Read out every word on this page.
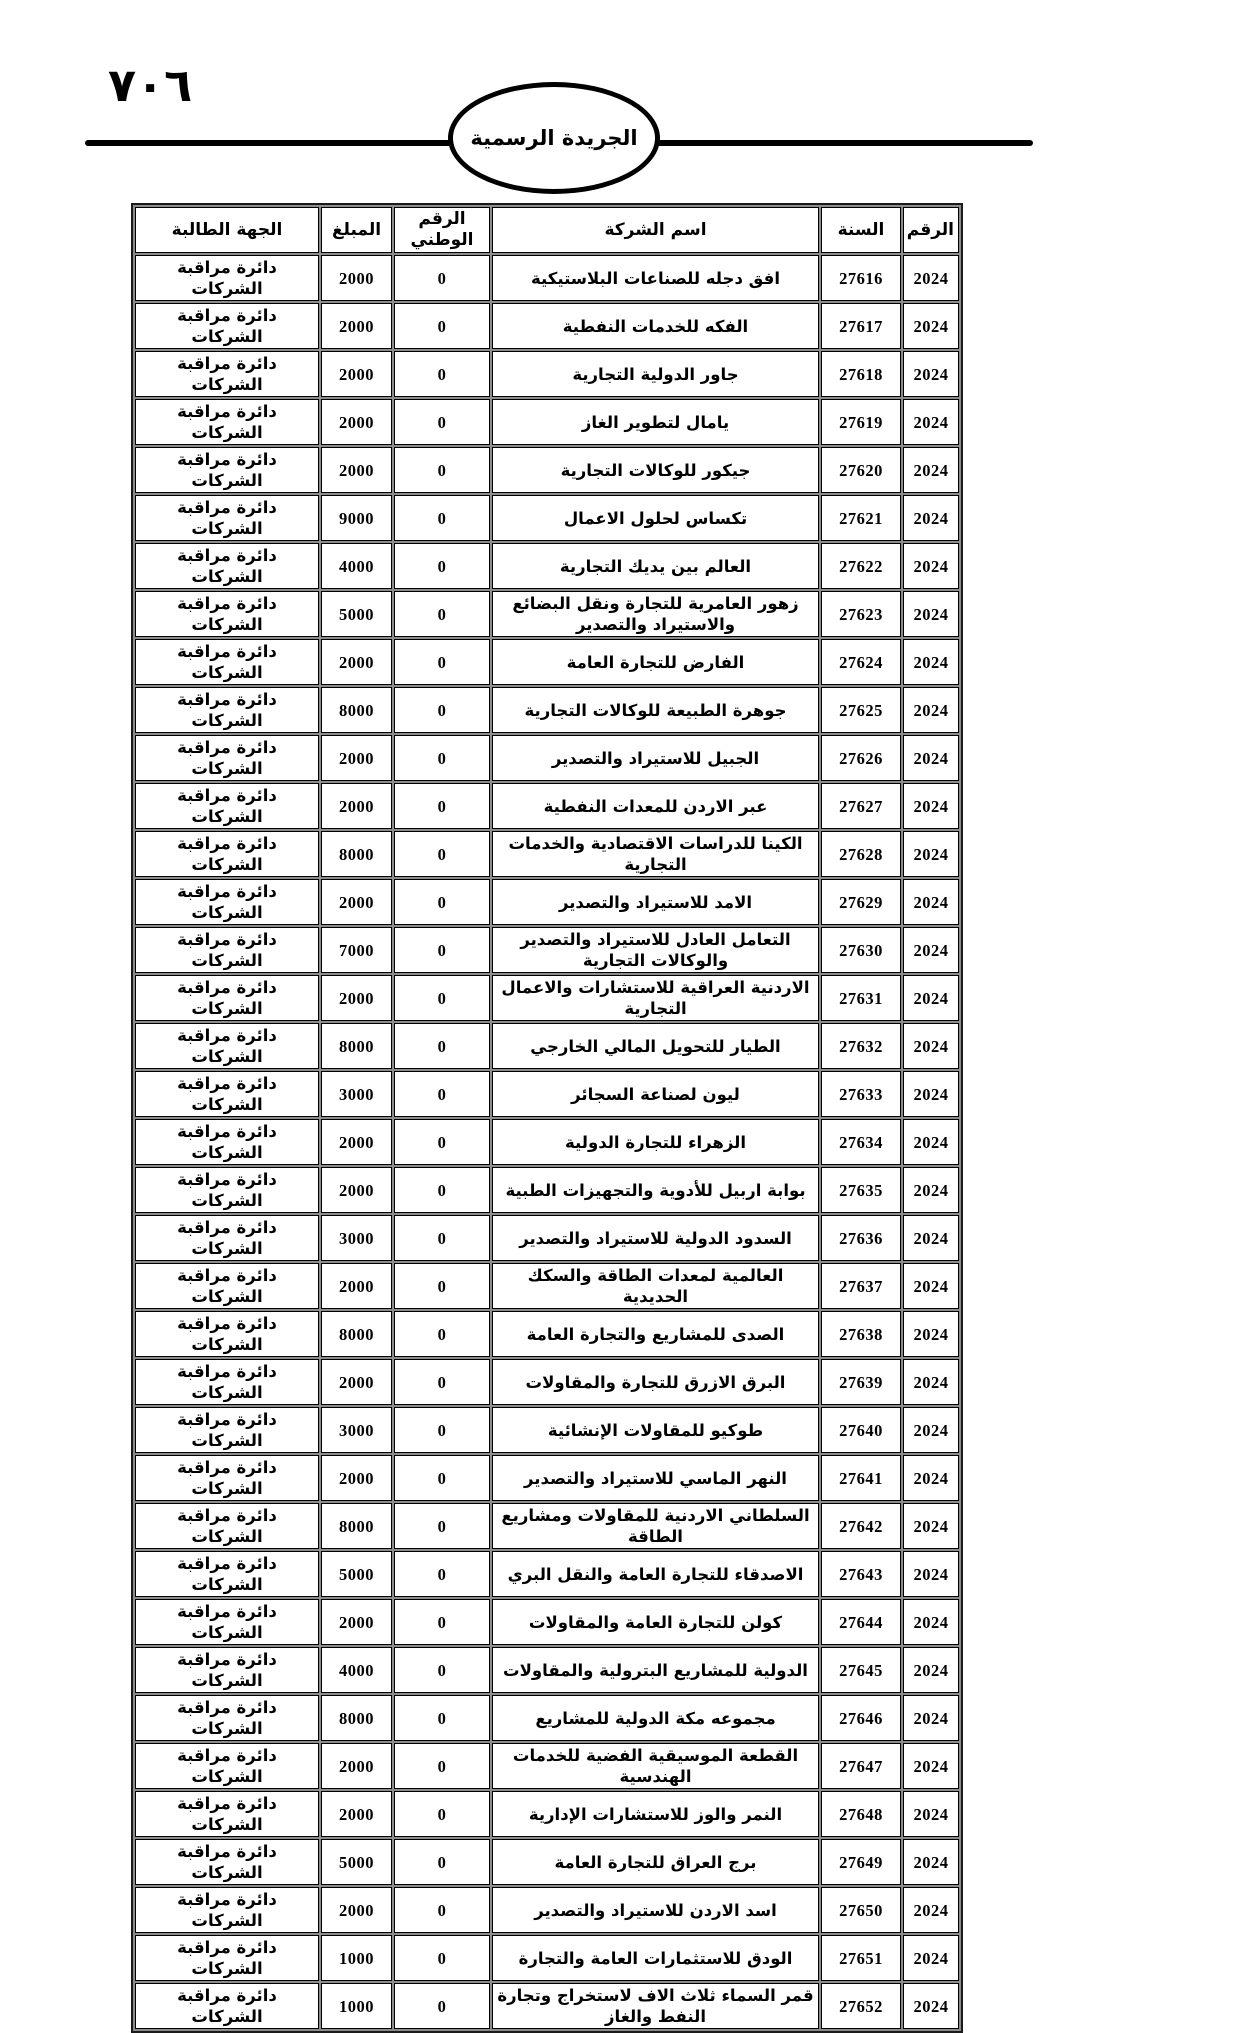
٧٠٦
الجريدة الرسمية
الرقم	السنة	اسم الشركة	الرقم الوطني	المبلغ	الجهة الطالبة
2024	27616	افق دجله للصناعات البلاستيكية	0	2000	دائرة مراقبة الشركات
2024	27617	الفكه للخدمات النفطية	0	2000	دائرة مراقبة الشركات
2024	27618	جاور الدولية التجارية	0	2000	دائرة مراقبة الشركات
2024	27619	يامال لتطوير الغاز	0	2000	دائرة مراقبة الشركات
2024	27620	جيكور للوكالات التجارية	0	2000	دائرة مراقبة الشركات
2024	27621	تكساس لحلول الاعمال	0	9000	دائرة مراقبة الشركات
2024	27622	العالم بين يديك التجارية	0	4000	دائرة مراقبة الشركات
2024	27623	زهور العامرية للتجارة ونقل البضائع والاستيراد والتصدير	0	5000	دائرة مراقبة الشركات
2024	27624	الفارض للتجارة العامة	0	2000	دائرة مراقبة الشركات
2024	27625	جوهرة الطبيعة للوكالات التجارية	0	8000	دائرة مراقبة الشركات
2024	27626	الجبيل للاستيراد والتصدير	0	2000	دائرة مراقبة الشركات
2024	27627	عبر الاردن للمعدات النفطية	0	2000	دائرة مراقبة الشركات
2024	27628	الكينا للدراسات الاقتصادية والخدمات التجارية	0	8000	دائرة مراقبة الشركات
2024	27629	الامد للاستيراد والتصدير	0	2000	دائرة مراقبة الشركات
2024	27630	التعامل العادل للاستيراد والتصدير والوكالات التجارية	0	7000	دائرة مراقبة الشركات
2024	27631	الاردنية العراقية للاستشارات والاعمال التجارية	0	2000	دائرة مراقبة الشركات
2024	27632	الطيار للتحويل المالي الخارجي	0	8000	دائرة مراقبة الشركات
2024	27633	ليون لصناعة السجائر	0	3000	دائرة مراقبة الشركات
2024	27634	الزهراء للتجارة الدولية	0	2000	دائرة مراقبة الشركات
2024	27635	بوابة اربيل للأدوية والتجهيزات الطبية	0	2000	دائرة مراقبة الشركات
2024	27636	السدود الدولية للاستيراد والتصدير	0	3000	دائرة مراقبة الشركات
2024	27637	العالمية لمعدات الطاقة والسكك الحديدية	0	2000	دائرة مراقبة الشركات
2024	27638	الصدى للمشاريع والتجارة العامة	0	8000	دائرة مراقبة الشركات
2024	27639	البرق الازرق للتجارة والمقاولات	0	2000	دائرة مراقبة الشركات
2024	27640	طوكيو للمقاولات الإنشائية	0	3000	دائرة مراقبة الشركات
2024	27641	النهر الماسي للاستيراد والتصدير	0	2000	دائرة مراقبة الشركات
2024	27642	السلطاني الاردنية للمقاولات ومشاريع الطاقة	0	8000	دائرة مراقبة الشركات
2024	27643	الاصدقاء للتجارة العامة والنقل البري	0	5000	دائرة مراقبة الشركات
2024	27644	كولن للتجارة العامة والمقاولات	0	2000	دائرة مراقبة الشركات
2024	27645	الدولية للمشاريع البترولية والمقاولات	0	4000	دائرة مراقبة الشركات
2024	27646	مجموعه مكة الدولية للمشاريع	0	8000	دائرة مراقبة الشركات
2024	27647	القطعة الموسيقية الفضية للخدمات الهندسية	0	2000	دائرة مراقبة الشركات
2024	27648	النمر والوز للاستشارات الإدارية	0	2000	دائرة مراقبة الشركات
2024	27649	برج العراق للتجارة العامة	0	5000	دائرة مراقبة الشركات
2024	27650	اسد الاردن للاستيراد والتصدير	0	2000	دائرة مراقبة الشركات
2024	27651	الودق للاستثمارات العامة والتجارة	0	1000	دائرة مراقبة الشركات
2024	27652	قمر السماء ثلاث الاف لاستخراج وتجارة النفط والغاز	0	1000	دائرة مراقبة الشركات
